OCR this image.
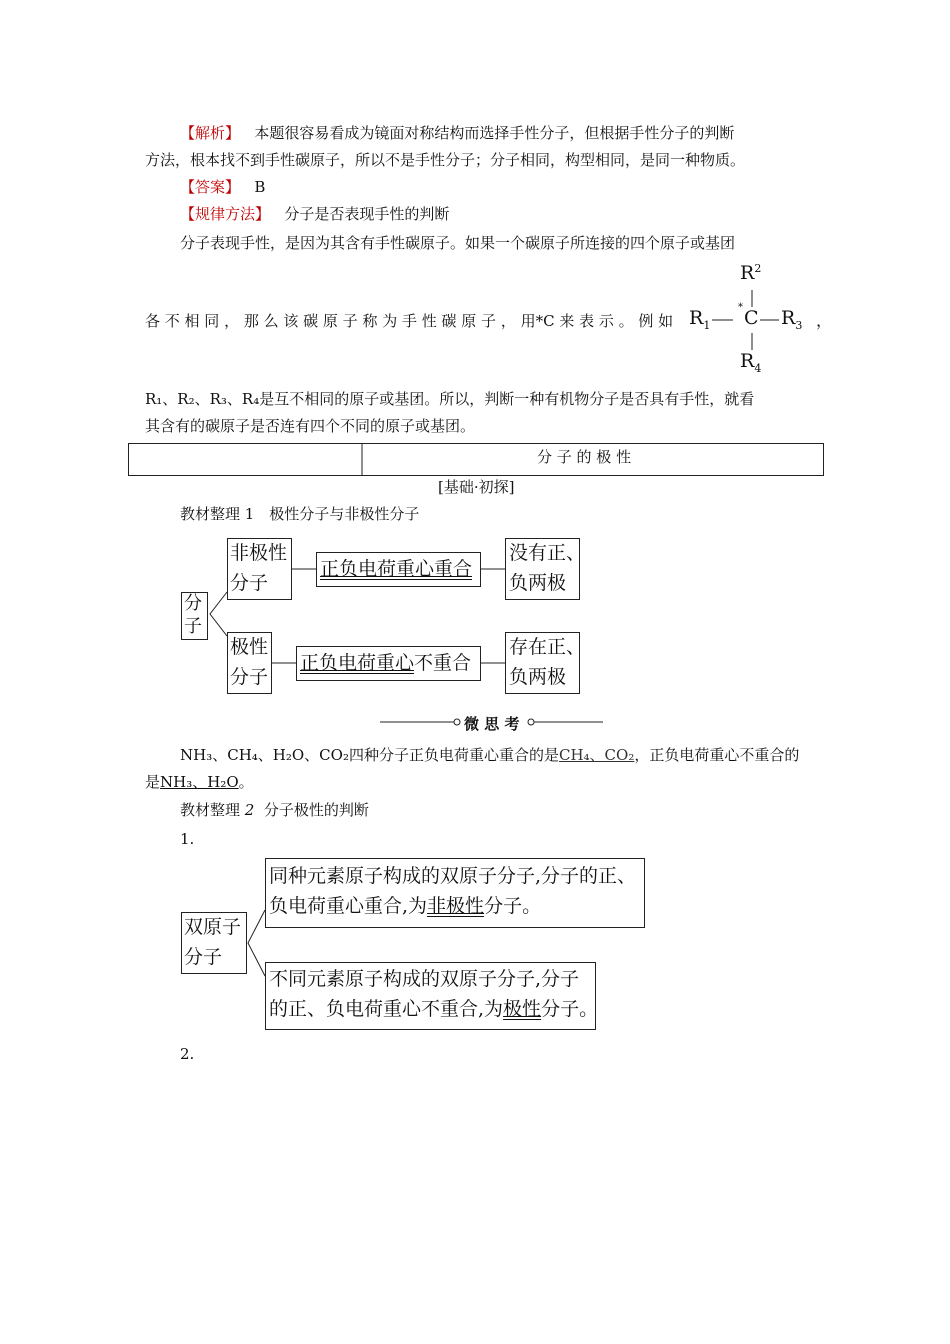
【解析】 本题很容易看成为镜面对称结构而选择手性分子，但根据手性分子的判断
方法，根本找不到手性碳原子，所以不是手性分子；分子相同，构型相同，是同一种物质。
【答案】 B
【规律方法】 分子是否表现手性的判断
分子表现手性，是因为其含有手性碳原子。如果一个碳原子所连接的四个原子或基团
各 不 相 同 ， 那 么 该 碳 原 子 称 为 手 性 碳 原 子 ， 用*C 来 表 示 。 例 如
$R_2$
$R_1$
* C $R_3$ ，
$R_4$
R₁、R₂、R₃、R₄是互不相同的原子或基团。所以，判断一种有机物分子是否具有手性，就看
其含有的碳原子是否连有四个不同的原子或基团。
分 子 的 极 性
[基础·初探]
教材整理 1　极性分子与非极性分子
分
子
非极性
分子
正负电荷重心重合
没有正、
负两极
极性
分子
正负电荷重心不重合
存在正、
负两极
微 思 考
NH₃、CH₄、H₂O、CO₂四种分子正负电荷重心重合的是CH₄、CO₂，正负电荷重心不重合的
是NH₃、H₂O。
教材整理 2 分子极性的判断
1.
双原子
分子
同种元素原子构成的双原子分子,分子的正、
负电荷重心重合,为非极性分子。
不同元素原子构成的双原子分子,分子
的正、负电荷重心不重合,为极性分子。
2.
